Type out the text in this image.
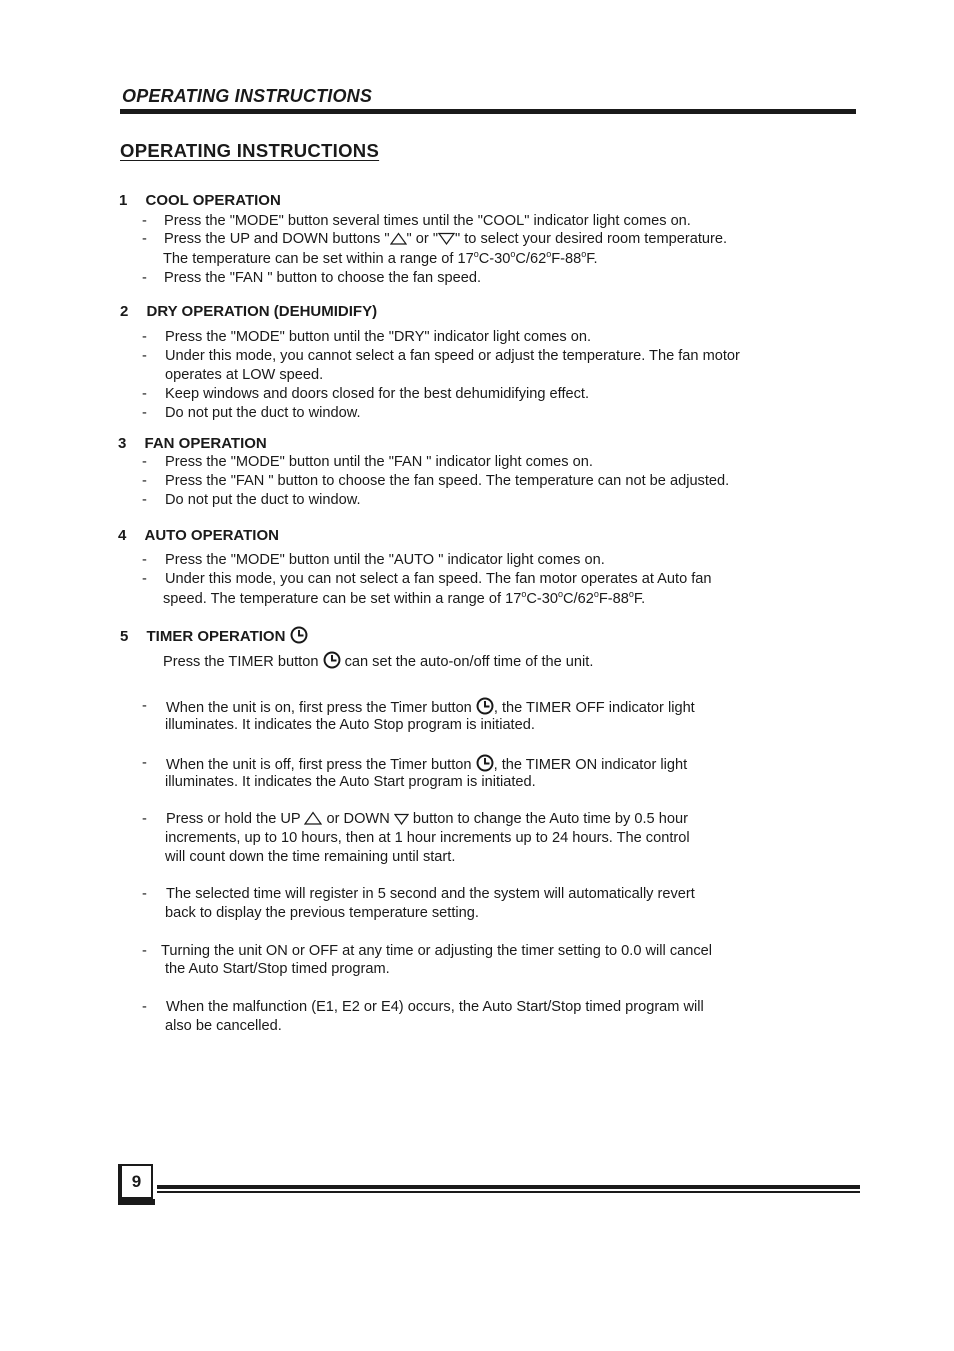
OPERATING INSTRUCTIONS
OPERATING INSTRUCTIONS
1 COOL OPERATION
- Press the "MODE" button several times until the "COOL" indicator light comes on.
- Press the UP and DOWN buttons " " or " " to select your desired room temperature.
The temperature can be set within a range of 17$^o$C-30$^o$C/62$^o$F-88$^o$F.
- Press the "FAN " button to choose the fan speed.
2 DRY OPERATION (DEHUMIDIFY)
- Press the "MODE" button until the "DRY" indicator light comes on.
- Under this mode, you cannot select a fan speed or adjust the temperature. The fan motor
operates at LOW speed.
- Keep windows and doors closed for the best dehumidifying effect.
- Do not put the duct to window.
3 FAN OPERATION
- Press the "MODE" button until the "FAN " indicator light comes on.
- Press the "FAN " button to choose the fan speed. The temperature can not be adjusted.
- Do not put the duct to window.
4 AUTO OPERATION
- Press the "MODE" button until the "AUTO " indicator light comes on.
- Under this mode, you can not select a fan speed. The fan motor operates at Auto fan
speed. The temperature can be set within a range of 17$^o$C-30$^o$C/62$^o$F-88$^o$F.
5 TIMER OPERATION
Press the TIMER button can set the auto-on/off time of the unit.
- When the unit is on, first press the Timer button , the TIMER OFF indicator light
illuminates. It indicates the Auto Stop program is initiated.
- When the unit is off, first press the Timer button , the TIMER ON indicator light
illuminates. It indicates the Auto Start program is initiated.
- Press or hold the UP or DOWN button to change the Auto time by 0.5 hour
increments, up to 10 hours, then at 1 hour increments up to 24 hours. The control
will count down the time remaining until start.
- The selected time will register in 5 second and the system will automatically revert
back to display the previous temperature setting.
- Turning the unit ON or OFF at any time or adjusting the timer setting to 0.0 will cancel
the Auto Start/Stop timed program.
- When the malfunction (E1, E2 or E4) occurs, the Auto Start/Stop timed program will
also be cancelled.
9
